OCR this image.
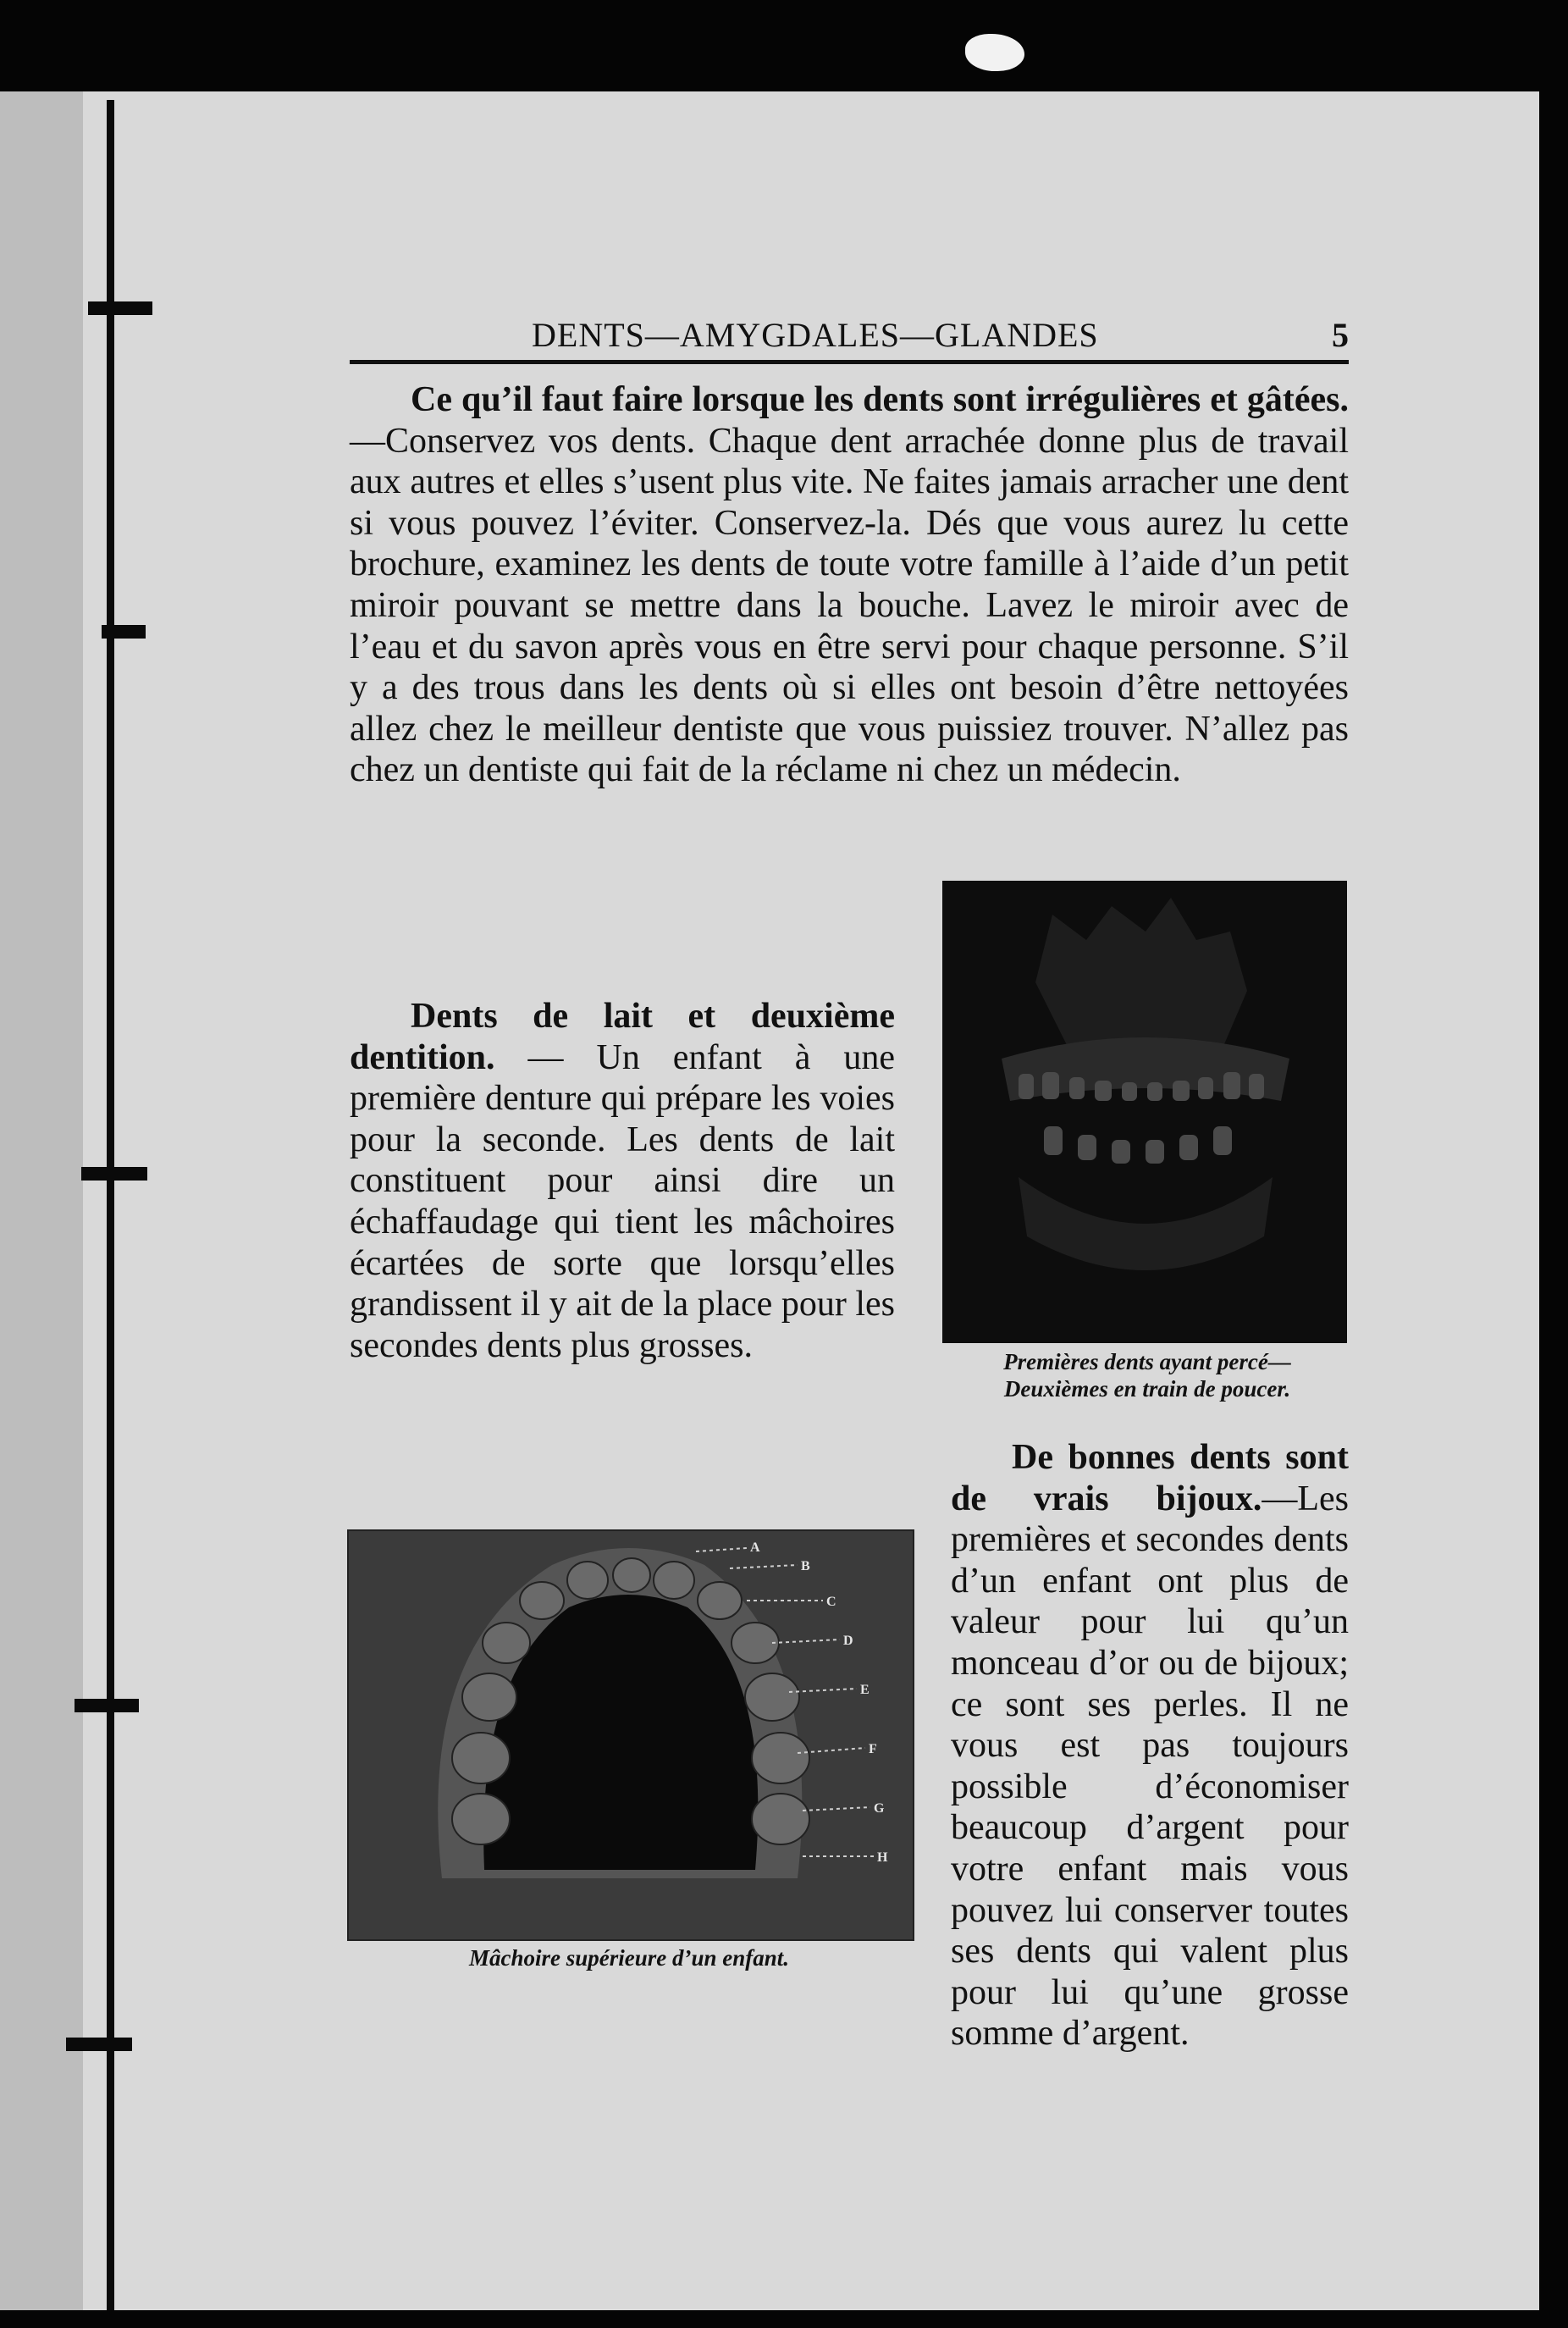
DENTS—AMYGDALES—GLANDES	5

Ce qu’il faut faire lorsque les dents sont irrégulières et gâtées.—Conservez vos dents. Chaque dent arrachée donne plus de travail aux autres et elles s’usent plus vite. Ne faites jamais arracher une dent si vous pouvez l’éviter. Conservez-la. Dés que vous aurez lu cette brochure, examinez les dents de toute votre famille à l’aide d’un petit miroir pouvant se mettre dans la bouche. Lavez le miroir avec de l’eau et du savon après vous en être servi pour chaque personne. S’il y a des trous dans les dents où si elles ont besoin d’être nettoyées allez chez le meilleur dentiste que vous puissiez trouver. N’allez pas chez un dentiste qui fait de la réclame ni chez un médecin.

Dents de lait et deuxième dentition. — Un enfant à une première denture qui prépare les voies pour la seconde. Les dents de lait constituent pour ainsi dire un échaffaudage qui tient les mâchoires écartées de sorte que lorsqu’elles grandissent il y ait de la place pour les secondes dents plus grosses.	Premières dents ayant percé—
Deuxièmes en train de poucer.

De bonnes dents sont de vrais bijoux.—Les premières et secondes dents d’un enfant ont plus de valeur pour lui qu’un monceau d’or ou de bijoux; ce sont ses perles. Il ne vous est pas toujours possible d’économiser beaucoup d’argent pour votre enfant mais vous pouvez lui conserver toutes ses dents qui valent plus pour lui qu’une grosse somme d’argent.

A
B
C
D
E
F
G
H
Mâchoire supérieure d’un enfant.
